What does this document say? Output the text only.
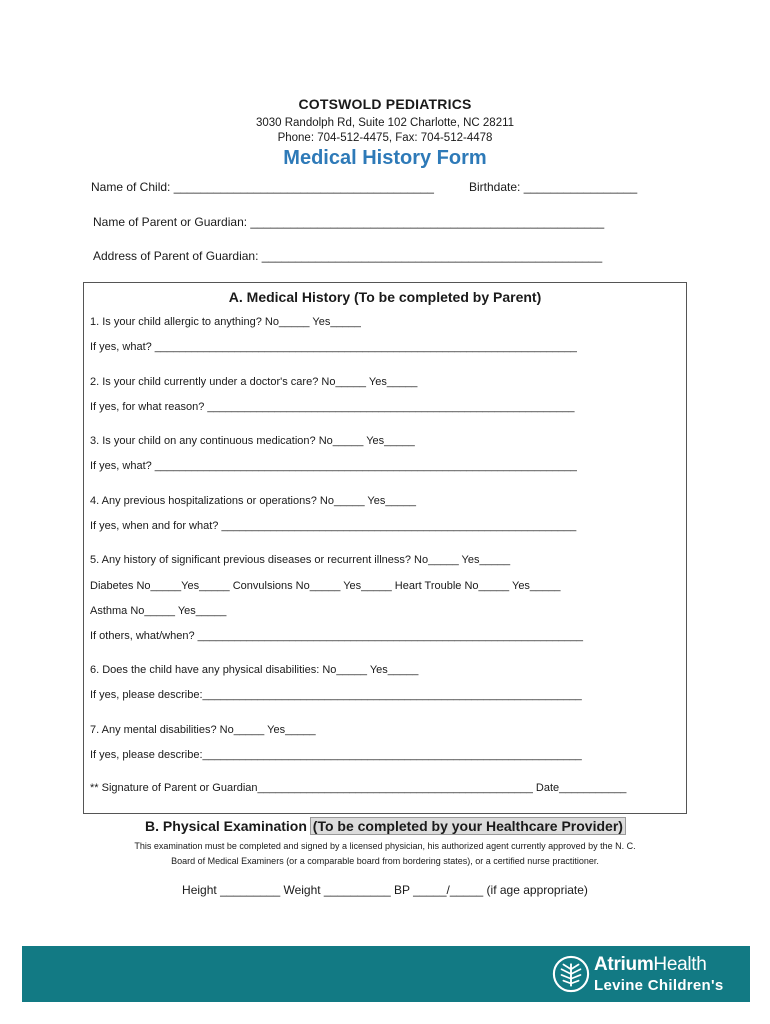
COTSWOLD PEDIATRICS
3030 Randolph Rd, Suite 102 Charlotte, NC 28211
Phone: 704-512-4475, Fax: 704-512-4478
Medical History Form
Name of Child: _______________________________________	Birthdate: _________________
Name of Parent or Guardian: _____________________________________________________
Address of Parent of Guardian: ___________________________________________________
A. Medical History (To be completed by Parent)
1. Is your child allergic to anything? No_____ Yes_____
If yes, what? _____________________________________________________________________
2. Is your child currently under a doctor's care? No_____ Yes_____
If yes, for what reason? ____________________________________________________________
3. Is your child on any continuous medication? No_____ Yes_____
If yes, what? _____________________________________________________________________
4. Any previous hospitalizations or operations? No_____ Yes_____
If yes, when and for what? __________________________________________________________
5. Any history of significant previous diseases or recurrent illness? No_____ Yes_____
Diabetes No_____Yes_____ Convulsions No_____ Yes_____ Heart Trouble No_____ Yes_____
Asthma No_____ Yes_____
If others, what/when? _______________________________________________________________
6. Does the child have any physical disabilities: No_____ Yes_____
If yes, please describe:______________________________________________________________
7. Any mental disabilities? No_____ Yes_____
If yes, please describe:______________________________________________________________
** Signature of Parent or Guardian_____________________________________________ Date___________
B. Physical Examination (To be completed by your Healthcare Provider)
This examination must be completed and signed by a licensed physician, his authorized agent currently approved by the N. C.
Board of Medical Examiners (or a comparable board from bordering states), or a certified nurse practitioner.
Height _________ Weight __________ BP _____/_____ (if age appropriate)
AtriumHealth
Levine Children's
